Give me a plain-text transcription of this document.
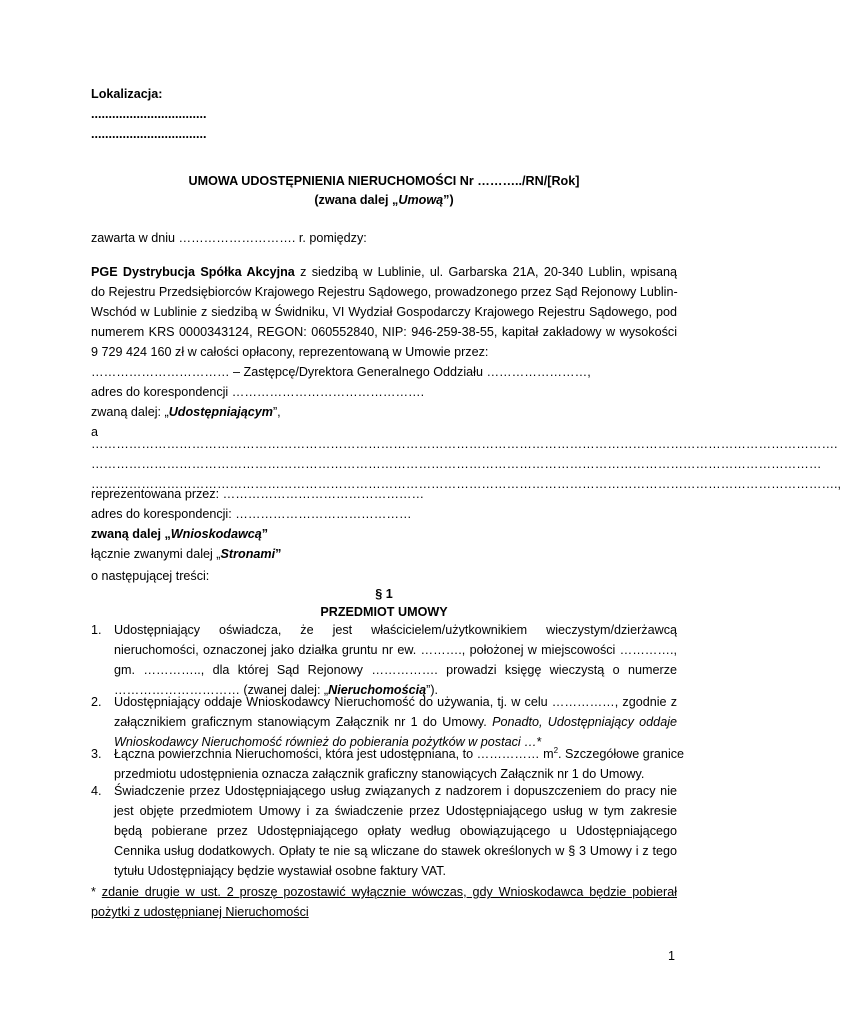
Lokalizacja:
.................................
.................................
UMOWA UDOSTĘPNIENIA NIERUCHOMOŚCI Nr ………../RN/[Rok]
(zwana dalej „Umową”)
zawarta w dniu ………………………. r. pomiędzy:
PGE Dystrybucja Spółka Akcyjna z siedzibą w Lublinie, ul. Garbarska 21A, 20-340 Lublin, wpisaną
do Rejestru Przedsiębiorców Krajowego Rejestru Sądowego, prowadzonego przez Sąd Rejonowy Lublin-
Wschód w Lublinie z siedzibą w Świdniku, VI Wydział Gospodarczy Krajowego Rejestru Sądowego, pod
numerem KRS 0000343124, REGON: 060552840, NIP: 946-259-38-55, kapitał zakładowy w wysokości
9 729 424 160 zł w całości opłacony, reprezentowaną w Umowie przez:
…………………………… – Zastępcę/Dyrektora Generalnego Oddziału ……………………,
adres do korespondencji ……………………………………….
zwaną dalej: „Udostępniającym”,
a
…………………………………………………………………………………………………………………………………………………………….
…………………………………………………………………………………………………………………………………………………………
…………………………………………………………………………………………………………………………………………………………….,
reprezentowana przez: …………………………………………
adres do korespondencji: ……………………………………
zwaną dalej „Wnioskodawcą”
łącznie zwanymi dalej „Stronami”
o następującej treści:
§ 1
PRZEDMIOT UMOWY
1. Udostępniający oświadcza, że jest właścicielem/użytkownikiem wieczystym/dzierżawcą
nieruchomości, oznaczonej jako działka gruntu nr ew. ………., położonej w miejscowości ………….,
gm. ………….., dla której Sąd Rejonowy ……………. prowadzi księgę wieczystą o numerze
………………………… (zwanej dalej: „Nieruchomością”).
2. Udostępniający oddaje Wnioskodawcy Nieruchomość do używania, tj. w celu ……………, zgodnie z
załącznikiem graficznym stanowiącym Załącznik nr 1 do Umowy. Ponadto, Udostępniający oddaje
Wnioskodawcy Nieruchomość również do pobierania pożytków w postaci …*
3. Łączna powierzchnia Nieruchomości, która jest udostępniana, to …………… $m^2$. Szczegółowe granice
przedmiotu udostępnienia oznacza załącznik graficzny stanowiących Załącznik nr 1 do Umowy.
4. Świadczenie przez Udostępniającego usług związanych z nadzorem i dopuszczeniem do pracy nie
jest objęte przedmiotem Umowy i za świadczenie przez Udostępniającego usług w tym zakresie
będą pobierane przez Udostępniającego opłaty według obowiązującego u Udostępniającego
Cennika usług dodatkowych. Opłaty te nie są wliczane do stawek określonych w § 3 Umowy i z tego
tytułu Udostępniający będzie wystawiał osobne faktury VAT.
* zdanie drugie w ust. 2 proszę pozostawić wyłącznie wówczas, gdy Wnioskodawca będzie pobierał
pożytki z udostępnianej Nieruchomości
1
